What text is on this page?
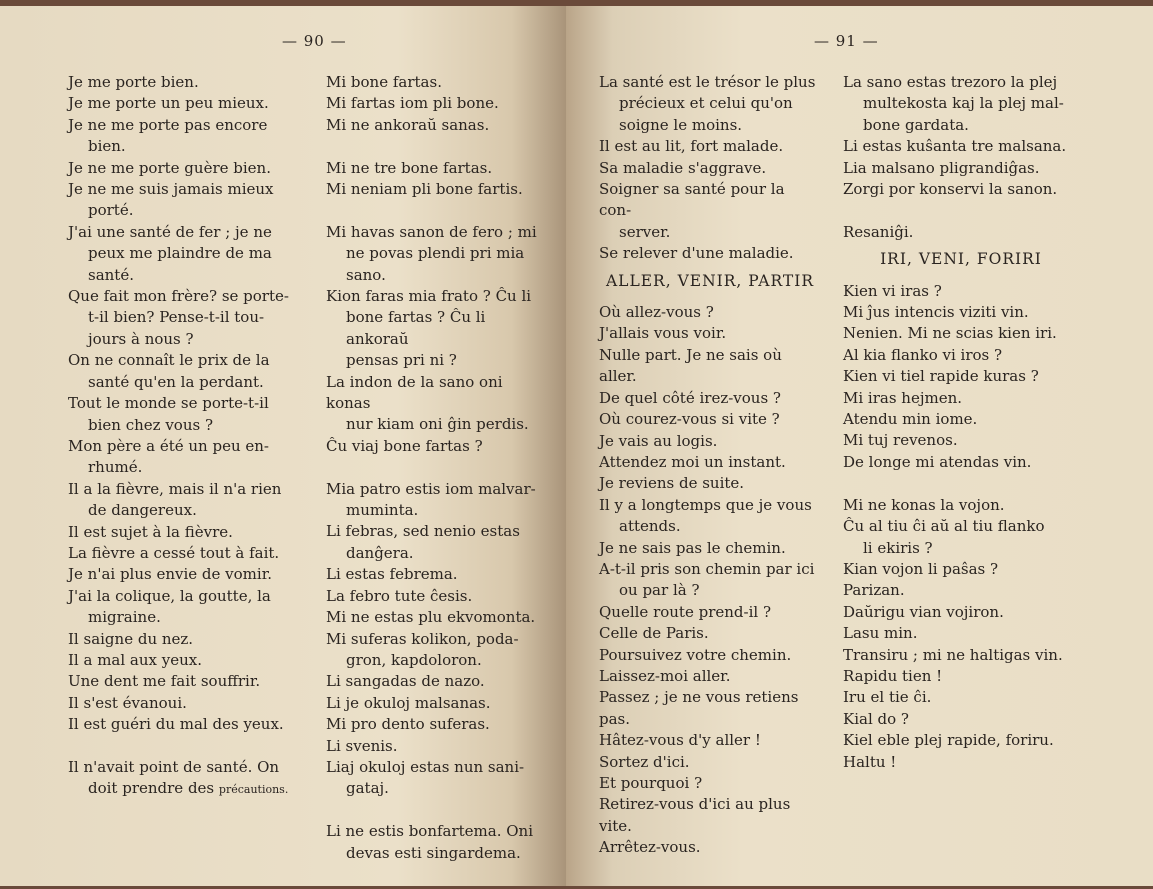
— 90 —

Je me porte bien.

Je me porte un peu mieux.

Je ne me porte pas encore

bien.

Je ne me porte guère bien.

Je ne me suis jamais mieux

porté.

J'ai une santé de fer ; je ne

peux me plaindre de ma

santé.

Que fait mon frère? se porte-

t-il bien? Pense-t-il tou-

jours à nous ?

On ne connaît le prix de la

santé qu'en la perdant.

Tout le monde se porte-t-il

bien chez vous ?

Mon père a été un peu en-

rhumé.

Il a la fièvre, mais il n'a rien

de dangereux.

Il est sujet à la fièvre.

La fièvre a cessé tout à fait.

Je n'ai plus envie de vomir.

J'ai la colique, la goutte, la

migraine.

Il saigne du nez.

Il a mal aux yeux.

Une dent me fait souffrir.

Il s'est évanoui.

Il est guéri du mal des yeux.

Il n'avait point de santé. On

doit prendre des précautions.

Mi bone fartas.

Mi fartas iom pli bone.

Mi ne ankoraŭ sanas.

Mi ne tre bone fartas.

Mi neniam pli bone fartis.

Mi havas sanon de fero ; mi

ne povas plendi pri mia

sano.

Kion faras mia frato ? Ĉu li

bone fartas ? Ĉu li ankoraŭ

pensas pri ni ?

La indon de la sano oni konas

nur kiam oni ĝin perdis.

Ĉu viaj bone fartas ?

Mia patro estis iom malvar-

muminta.

Li febras, sed nenio estas

danĝera.

Li estas febrema.

La febro tute ĉesis.

Mi ne estas plu ekvomonta.

Mi suferas kolikon, poda-

gron, kapdoloron.

Li sangadas de nazo.

Li je okuloj malsanas.

Mi pro dento suferas.

Li svenis.

Liaj okuloj estas nun sani-

gataj.

Li ne estis bonfartema. Oni

devas esti singardema.

— 91 —

La santé est le trésor le plus

précieux et celui qu'on

soigne le moins.

Il est au lit, fort malade.

Sa maladie s'aggrave.

Soigner sa santé pour la con-

server.

Se relever d'une maladie.

ALLER, VENIR, PARTIR

Où allez-vous ?

J'allais vous voir.

Nulle part. Je ne sais où aller.

De quel côté irez-vous ?

Où courez-vous si vite ?

Je vais au logis.

Attendez moi un instant.

Je reviens de suite.

Il y a longtemps que je vous

attends.

Je ne sais pas le chemin.

A-t-il pris son chemin par ici

ou par là ?

Quelle route prend-il ?

Celle de Paris.

Poursuivez votre chemin.

Laissez-moi aller.

Passez ; je ne vous retiens pas.

Hâtez-vous d'y aller !

Sortez d'ici.

Et pourquoi ?

Retirez-vous d'ici au plus vite.

Arrêtez-vous.

La sano estas trezoro la plej

multekosta kaj la plej mal-

bone gardata.

Li estas kuŝanta tre malsana.

Lia malsano pligrandiĝas.

Zorgi por konservi la sanon.

Resaniĝi.

IRI, VENI, FORIRI

Kien vi iras ?

Mi ĵus intencis viziti vin.

Nenien. Mi ne scias kien iri.

Al kia flanko vi iros ?

Kien vi tiel rapide kuras ?

Mi iras hejmen.

Atendu min iome.

Mi tuj revenos.

De longe mi atendas vin.

Mi ne konas la vojon.

Ĉu al tiu ĉi aŭ al tiu flanko

li ekiris ?

Kian vojon li paŝas ?

Parizan.

Daŭrigu vian vojiron.

Lasu min.

Transiru ; mi ne haltigas vin.

Rapidu tien !

Iru el tie ĉi.

Kial do ?

Kiel eble plej rapide, foriru.

Haltu !
